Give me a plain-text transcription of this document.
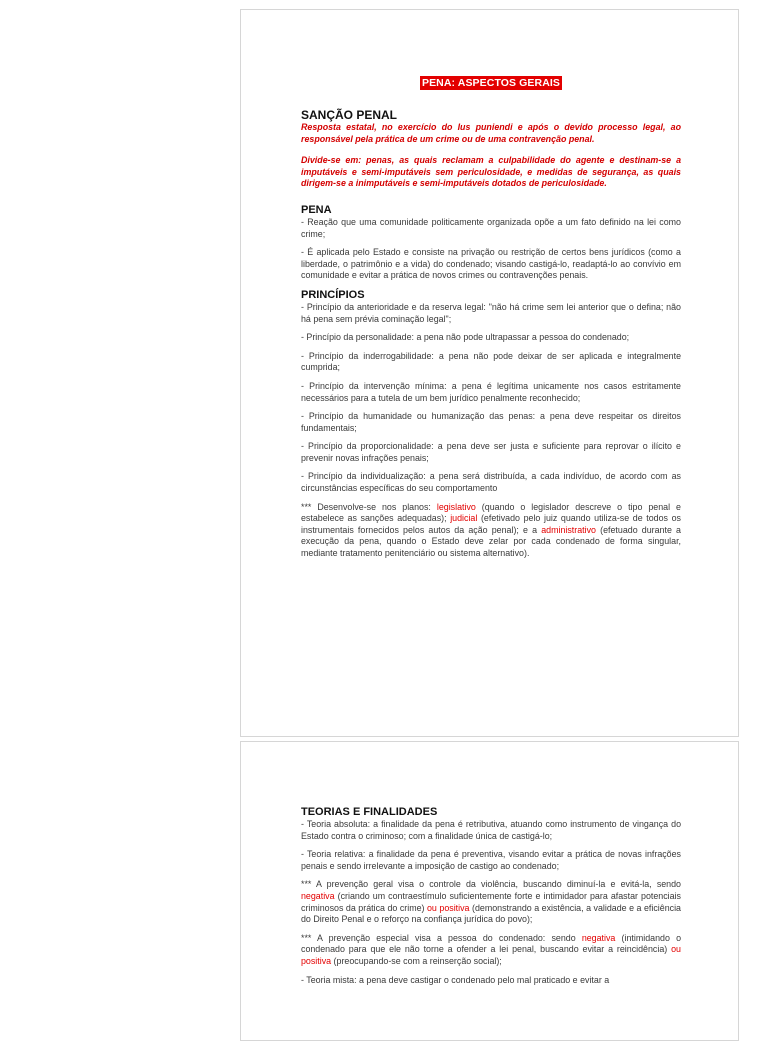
PENA: ASPECTOS GERAIS
SANÇÃO PENAL

Resposta estatal, no exercício do Ius puniendi e após o devido processo legal, ao responsável pela prática de um crime ou de uma contravenção penal.

Divide-se em: penas, as quais reclamam a culpabilidade do agente e destinam-se a imputáveis e semi-imputáveis sem periculosidade, e medidas de segurança, as quais dirigem-se a inimputáveis e semi-imputáveis dotados de periculosidade.

PENA

- Reação que uma comunidade politicamente organizada opõe a um fato definido na lei como crime;

- É aplicada pelo Estado e consiste na privação ou restrição de certos bens jurídicos (como a liberdade, o patrimônio e a vida) do condenado; visando castigá-lo, readaptá-lo ao convívio em comunidade e evitar a prática de novos crimes ou contravenções penais.

PRINCÍPIOS

- Princípio da anterioridade e da reserva legal: "não há crime sem lei anterior que o defina; não há pena sem prévia cominação legal";

- Princípio da personalidade: a pena não pode ultrapassar a pessoa do condenado;

- Princípio da inderrogabilidade: a pena não pode deixar de ser aplicada e integralmente cumprida;

- Princípio da intervenção mínima: a pena é legítima unicamente nos casos estritamente necessários para a tutela de um bem jurídico penalmente reconhecido;

- Princípio da humanidade ou humanização das penas: a pena deve respeitar os direitos fundamentais;

- Princípio da proporcionalidade: a pena deve ser justa e suficiente para reprovar o ilícito e prevenir novas infrações penais;

- Princípio da individualização: a pena será distribuída, a cada indivíduo, de acordo com as circunstâncias específicas do seu comportamento

*** Desenvolve-se nos planos: legislativo (quando o legislador descreve o tipo penal e estabelece as sanções adequadas); judicial (efetivado pelo juiz quando utiliza-se de todos os instrumentais fornecidos pelos autos da ação penal); e a administrativo (efetuado durante a execução da pena, quando o Estado deve zelar por cada condenado de forma singular, mediante tratamento penitenciário ou sistema alternativo).

TEORIAS E FINALIDADES

- Teoria absoluta: a finalidade da pena é retributiva, atuando como instrumento de vingança do Estado contra o criminoso; com a finalidade única de castigá-lo;

- Teoria relativa: a finalidade da pena é preventiva, visando evitar a prática de novas infrações penais e sendo irrelevante a imposição de castigo ao condenado;

*** A prevenção geral visa o controle da violência, buscando diminuí-la e evitá-la, sendo negativa (criando um contraestímulo suficientemente forte e intimidador para afastar potenciais criminosos da prática do crime) ou positiva (demonstrando a existência, a validade e a eficiência do Direito Penal e o reforço na confiança jurídica do povo);

*** A prevenção especial visa a pessoa do condenado: sendo negativa (intimidando o condenado para que ele não torne a ofender a lei penal, buscando evitar a reincidência) ou positiva (preocupando-se com a reinserção social);

- Teoria mista: a pena deve castigar o condenado pelo mal praticado e evitar a
